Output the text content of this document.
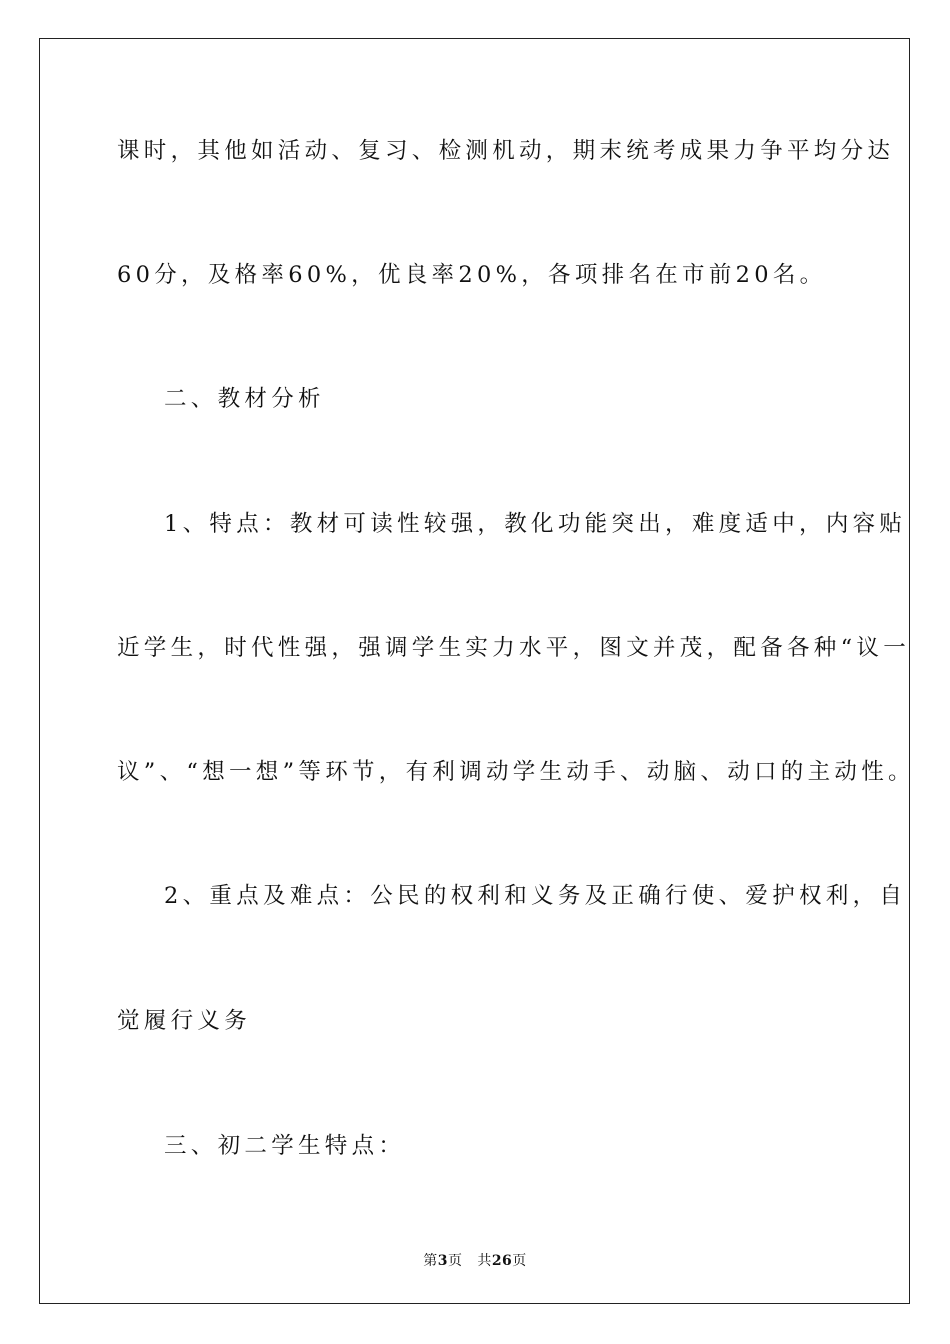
课时，其他如活动、复习、检测机动，期末统考成果力争平均分达
60分，及格率60%，优良率20%，各项排名在市前20名。
二、教材分析
1、特点：教材可读性较强，教化功能突出，难度适中，内容贴
近学生，时代性强，强调学生实力水平，图文并茂，配备各种“议一
议”、“想一想”等环节，有利调动学生动手、动脑、动口的主动性。
2、重点及难点：公民的权利和义务及正确行使、爱护权利，自
觉履行义务
三、初二学生特点：
第3页 共26页
